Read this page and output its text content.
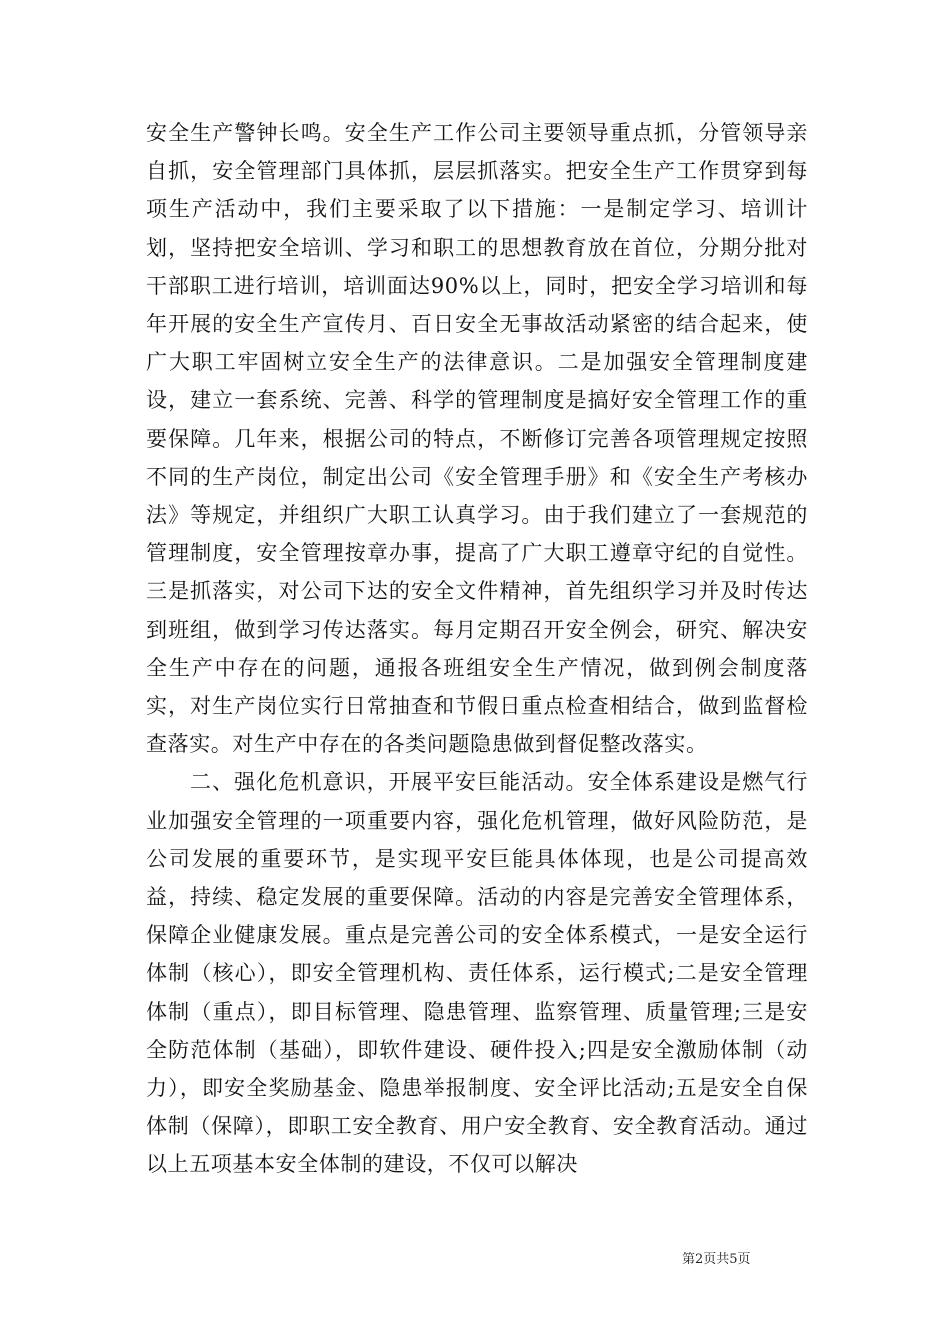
安全生产警钟长鸣。安全生产工作公司主要领导重点抓，分管领导亲自抓，安全管理部门具体抓，层层抓落实。把安全生产工作贯穿到每项生产活动中，我们主要采取了以下措施：一是制定学习、培训计划，坚持把安全培训、学习和职工的思想教育放在首位，分期分批对干部职工进行培训，培训面达90%以上，同时，把安全学习培训和每年开展的安全生产宣传月、百日安全无事故活动紧密的结合起来，使广大职工牢固树立安全生产的法律意识。二是加强安全管理制度建设，建立一套系统、完善、科学的管理制度是搞好安全管理工作的重要保障。几年来，根据公司的特点，不断修订完善各项管理规定按照不同的生产岗位，制定出公司《安全管理手册》和《安全生产考核办法》等规定，并组织广大职工认真学习。由于我们建立了一套规范的管理制度，安全管理按章办事，提高了广大职工遵章守纪的自觉性。三是抓落实，对公司下达的安全文件精神，首先组织学习并及时传达到班组，做到学习传达落实。每月定期召开安全例会，研究、解决安全生产中存在的问题，通报各班组安全生产情况，做到例会制度落实，对生产岗位实行日常抽查和节假日重点检查相结合，做到监督检查落实。对生产中存在的各类问题隐患做到督促整改落实。

二、强化危机意识，开展平安巨能活动。安全体系建设是燃气行业加强安全管理的一项重要内容，强化危机管理，做好风险防范，是公司发展的重要环节，是实现平安巨能具体体现，也是公司提高效益，持续、稳定发展的重要保障。活动的内容是完善安全管理体系，保障企业健康发展。重点是完善公司的安全体系模式，一是安全运行体制（核心），即安全管理机构、责任体系，运行模式;二是安全管理体制（重点），即目标管理、隐患管理、监察管理、质量管理;三是安全防范体制（基础），即软件建设、硬件投入;四是安全激励体制（动力），即安全奖励基金、隐患举报制度、安全评比活动;五是安全自保体制（保障），即职工安全教育、用户安全教育、安全教育活动。通过以上五项基本安全体制的建设，不仅可以解决

第2页共5页
